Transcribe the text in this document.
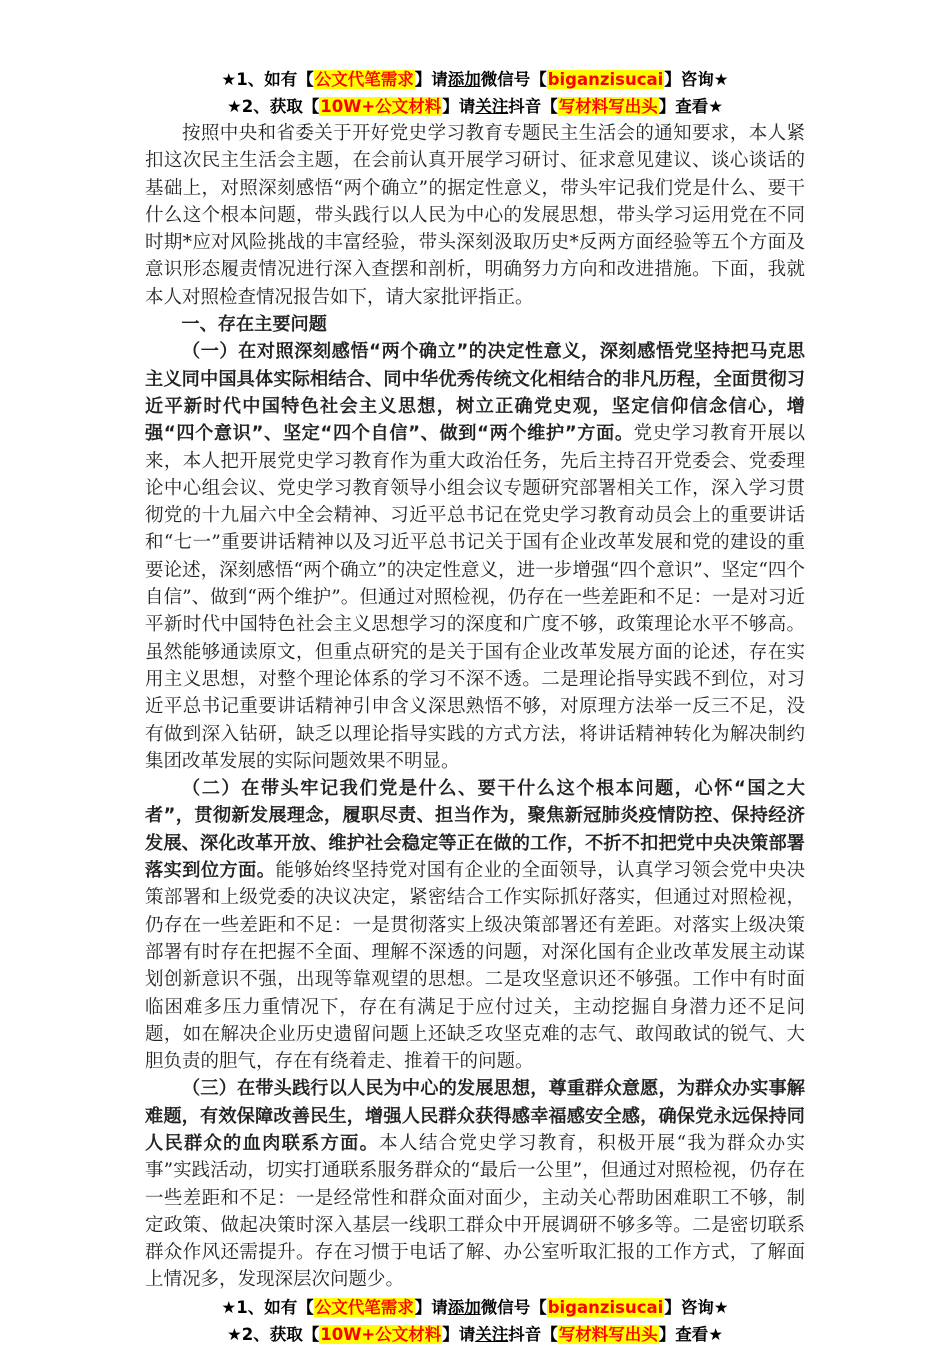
★1、如有【公文代笔需求】请添加微信号【biganzisucai】咨询★
★2、获取【10W+公文材料】请关注抖音【写材料写出头】查看★

按照中央和省委关于开好党史学习教育专题民主生活会的通知要求，本人紧扣这次民主生活会主题，在会前认真开展学习研讨、征求意见建议、谈心谈话的基础上，对照深刻感悟“两个确立”的据定性意义，带头牢记我们党是什么、要干什么这个根本问题，带头践行以人民为中心的发展思想，带头学习运用党在不同时期*应对风险挑战的丰富经验，带头深刻汲取历史*反两方面经验等五个方面及意识形态履责情况进行深入查摆和剖析，明确努力方向和改进措施。下面，我就本人对照检查情况报告如下，请大家批评指正。

一、存在主要问题

（一）在对照深刻感悟“两个确立”的决定性意义，深刻感悟党坚持把马克思主义同中国具体实际相结合、同中华优秀传统文化相结合的非凡历程，全面贯彻习近平新时代中国特色社会主义思想，树立正确党史观，坚定信仰信念信心，增强“四个意识”、坚定“四个自信”、做到“两个维护”方面。党史学习教育开展以来，本人把开展党史学习教育作为重大政治任务，先后主持召开党委会、党委理论中心组会议、党史学习教育领导小组会议专题研究部署相关工作，深入学习贯彻党的十九届六中全会精神、习近平总书记在党史学习教育动员会上的重要讲话和“七一”重要讲话精神以及习近平总书记关于国有企业改革发展和党的建设的重要论述，深刻感悟“两个确立”的决定性意义，进一步增强“四个意识”、坚定“四个自信”、做到“两个维护”。但通过对照检视，仍存在一些差距和不足：一是对习近平新时代中国特色社会主义思想学习的深度和广度不够，政策理论水平不够高。虽然能够通读原文，但重点研究的是关于国有企业改革发展方面的论述，存在实用主义思想，对整个理论体系的学习不深不透。二是理论指导实践不到位，对习近平总书记重要讲话精神引申含义深思熟悟不够，对原理方法举一反三不足，没有做到深入钻研，缺乏以理论指导实践的方式方法，将讲话精神转化为解决制约集团改革发展的实际问题效果不明显。

（二）在带头牢记我们党是什么、要干什么这个根本问题，心怀“国之大者”，贯彻新发展理念，履职尽责、担当作为，聚焦新冠肺炎疫情防控、保持经济发展、深化改革开放、维护社会稳定等正在做的工作，不折不扣把党中央决策部署落实到位方面。能够始终坚持党对国有企业的全面领导，认真学习领会党中央决策部署和上级党委的决议决定，紧密结合工作实际抓好落实，但通过对照检视，仍存在一些差距和不足：一是贯彻落实上级决策部署还有差距。对落实上级决策部署有时存在把握不全面、理解不深透的问题，对深化国有企业改革发展主动谋划创新意识不强，出现等靠观望的思想。二是攻坚意识还不够强。工作中有时面临困难多压力重情况下，存在有满足于应付过关，主动挖掘自身潜力还不足问题，如在解决企业历史遗留问题上还缺乏攻坚克难的志气、敢闯敢试的锐气、大胆负责的胆气，存在有绕着走、推着干的问题。

（三）在带头践行以人民为中心的发展思想，尊重群众意愿，为群众办实事解难题，有效保障改善民生，增强人民群众获得感幸福感安全感，确保党永远保持同人民群众的血肉联系方面。本人结合党史学习教育，积极开展“我为群众办实事”实践活动，切实打通联系服务群众的“最后一公里”，但通过对照检视，仍存在一些差距和不足：一是经常性和群众面对面少，主动关心帮助困难职工不够，制定政策、做起决策时深入基层一线职工群众中开展调研不够多等。二是密切联系群众作风还需提升。存在习惯于电话了解、办公室听取汇报的工作方式，了解面上情况多，发现深层次问题少。

★1、如有【公文代笔需求】请添加微信号【biganzisucai】咨询★
★2、获取【10W+公文材料】请关注抖音【写材料写出头】查看★
